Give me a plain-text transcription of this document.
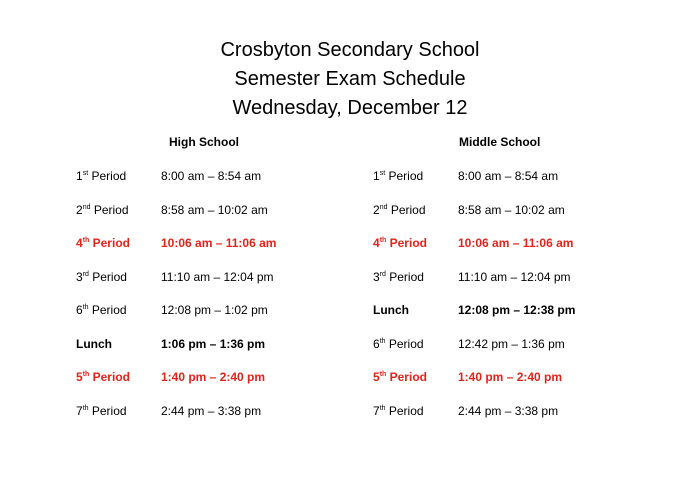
Crosbyton Secondary School
Semester Exam Schedule
Wednesday, December 12
High School	Middle School
1st Period	8:00 am – 8:54 am
2nd Period	8:58 am – 10:02 am
4th Period	10:06 am – 11:06 am
3rd Period	11:10 am – 12:04 pm
6th Period	12:08 pm – 1:02 pm
Lunch	1:06 pm – 1:36 pm
5th Period	1:40 pm – 2:40 pm
7th Period	2:44 pm – 3:38 pm
1st Period	8:00 am – 8:54 am
2nd Period	8:58 am – 10:02 am
4th Period	10:06 am – 11:06 am
3rd Period	11:10 am – 12:04 pm
Lunch	12:08 pm – 12:38 pm
6th Period	12:42 pm – 1:36 pm
5th Period	1:40 pm – 2:40 pm
7th Period	2:44 pm – 3:38 pm
